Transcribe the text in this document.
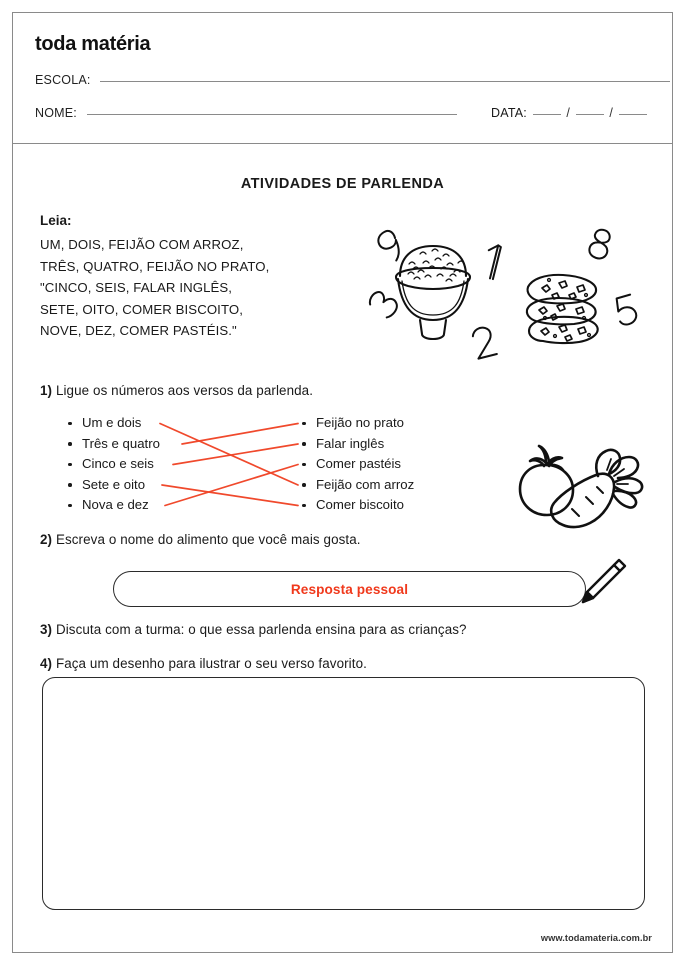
toda matéria
ESCOLA:
NOME:	DATA:	/	/
ATIVIDADES DE PARLENDA
Leia:
UM, DOIS, FEIJÃO COM ARROZ,
TRÊS, QUATRO, FEIJÃO NO PRATO,
"CINCO, SEIS, FALAR INGLÊS,
SETE, OITO, COMER BISCOITO,
NOVE, DEZ, COMER PASTÉIS."
1) Ligue os números aos versos da parlenda.
Um e dois
Três e quatro
Cinco e seis
Sete e oito
Nova e dez
Feijão no prato
Falar inglês
Comer pastéis
Feijão com arroz
Comer biscoito
2) Escreva o nome do alimento que você mais gosta.
Resposta pessoal
3) Discuta com a turma: o que essa parlenda ensina para as crianças?
4) Faça um desenho para ilustrar o seu verso favorito.
www.todamateria.com.br
